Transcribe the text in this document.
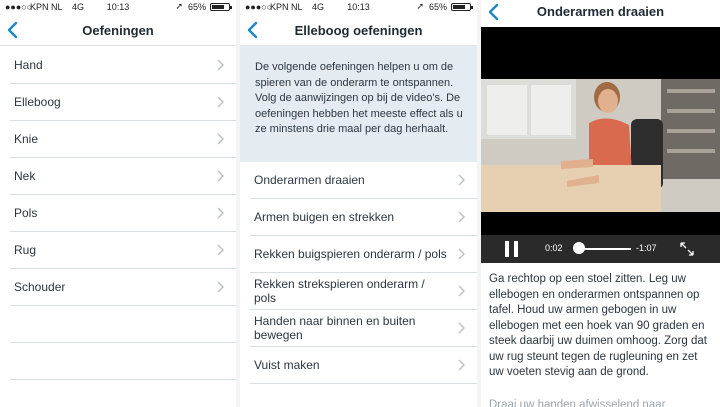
●●●○○
KPN NL 4G	10:13	➚ 65%
Oefeningen
Hand
Elleboog
Knie
Nek
Pols
Rug
Schouder
●●●○○
KPN NL 4G	10:13	➚ 65%
Elleboog oefeningen
De volgende oefeningen helpen u om de spieren van de onderarm te ontspannen. Volg de aanwijzingen op bij de video's. De oefeningen hebben het meeste effect als u ze minstens drie maal per dag herhaalt.
Onderarmen draaien
Armen buigen en strekken
Rekken buigspieren onderarm / pols
Rekken strekspieren onderarm / pols
Handen naar binnen en buiten bewegen
Vuist maken
Onderarmen draaien
0:02	-1:07
Ga rechtop op een stoel zitten. Leg uw ellebogen en onderarmen ontspannen op tafel. Houd uw armen gebogen in uw ellebogen met een hoek van 90 graden en steek daarbij uw duimen omhoog. Zorg dat uw rug steunt tegen de rugleuning en zet uw voeten stevig aan de grond.
Draai uw handen afwisselend naar
